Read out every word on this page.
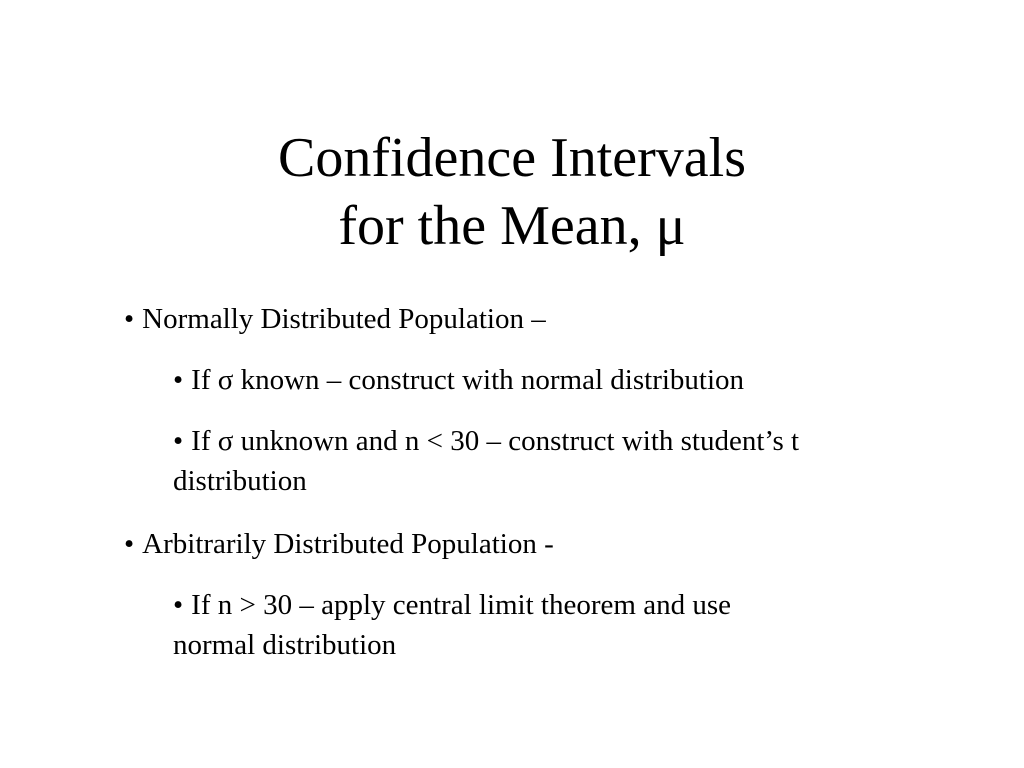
Confidence Intervals
for the Mean, μ
• Normally Distributed Population –
• If σ known – construct with normal distribution
• If σ unknown and n < 30 – construct with student’s t
distribution
• Arbitrarily Distributed Population -
• If n > 30 – apply central limit theorem and use
normal distribution
